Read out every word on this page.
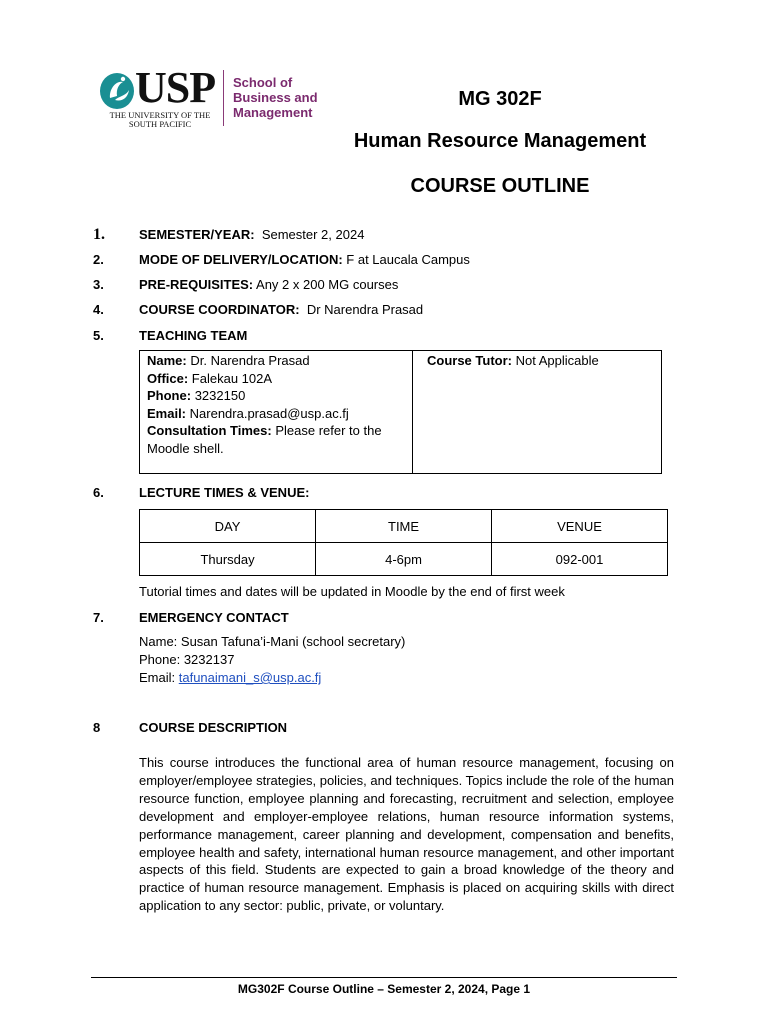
USP
THE UNIVERSITY OF THE
SOUTH PACIFIC
School of
Business and
Management
MG 302F
Human Resource Management
COURSE OUTLINE
1.	SEMESTER/YEAR: Semester 2, 2024
2.	MODE OF DELIVERY/LOCATION: F at Laucala Campus
3.	PRE-REQUISITES: Any 2 x 200 MG courses
4.	COURSE COORDINATOR: Dr Narendra Prasad
5.	TEACHING TEAM
Name: Dr. Narendra Prasad
Office: Falekau 102A
Phone: 3232150
Email: Narendra.prasad@usp.ac.fj
Consultation Times: Please refer to the
Moodle shell.
Course Tutor: Not Applicable
6.	LECTURE TIMES & VENUE:
DAY	TIME	VENUE
Thursday	4-6pm	092-001
Tutorial times and dates will be updated in Moodle by the end of first week
7.	EMERGENCY CONTACT
Name: Susan Tafuna’i-Mani (school secretary)
Phone: 3232137
Email: tafunaimani_s@usp.ac.fj
8	COURSE DESCRIPTION
This course introduces the functional area of human resource management, focusing on employer/employee strategies, policies, and techniques. Topics include the role of the human resource function, employee planning and forecasting, recruitment and selection, employee development and employer-employee relations, human resource information systems, performance management, career planning and development, compensation and benefits, employee health and safety, international human resource management, and other important aspects of this field. Students are expected to gain a broad knowledge of the theory and practice of human resource management. Emphasis is placed on acquiring skills with direct application to any sector: public, private, or voluntary.
MG302F Course Outline – Semester 2, 2024, Page 1
